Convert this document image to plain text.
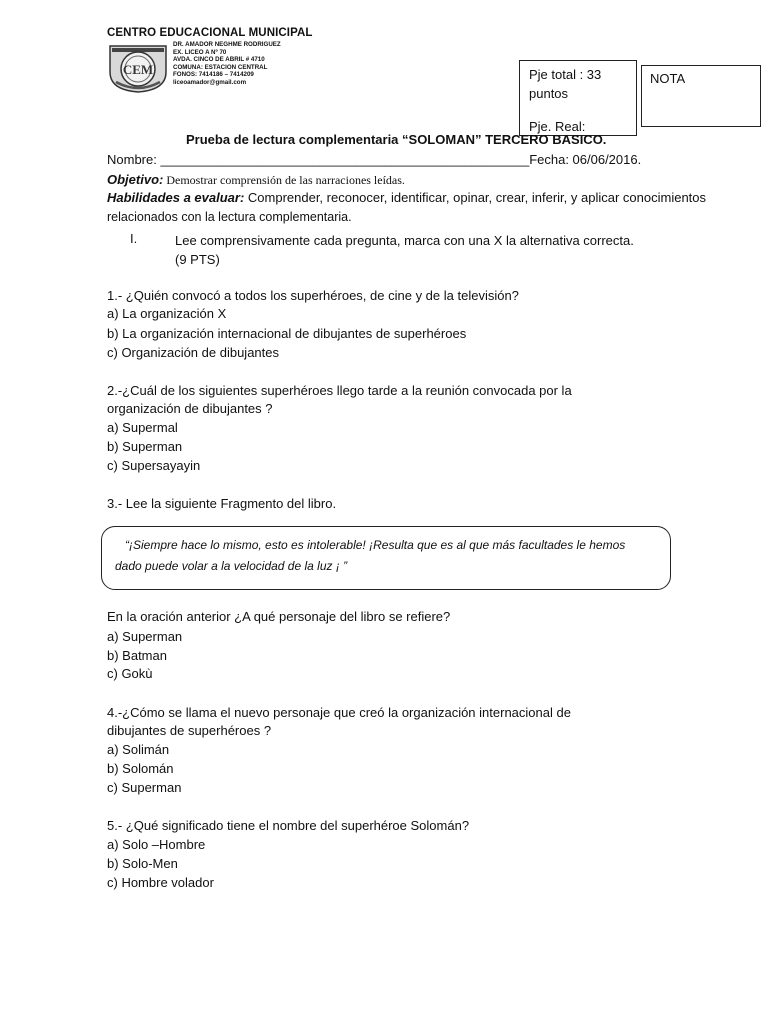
CENTRO EDUCACIONAL MUNICIPAL
DR. AMADOR NEGHME RODRIGUEZ
EX. LICEO A Nº 70
AVDA. CINCO DE ABRIL # 4710
COMUNA: ESTACION CENTRAL
FONOS: 7414186 – 7414209
liceoamador@gmail.com
CEM	Pje total : 33
puntos
Pje. Real:
NOTA
Prueba de lectura complementaria “SOLOMAN” TERCERO BASICO.
Nombre: ___________________________________________________Fecha: 06/06/2016.
Objetivo: Demostrar comprensión de las narraciones leídas.
Habilidades a evaluar: Comprender, reconocer, identificar, opinar, crear, inferir, y aplicar conocimientos
relacionados con la lectura complementaria.
I.	Lee comprensivamente cada pregunta, marca con una X la alternativa correcta.
(9 PTS)
1.- ¿Quién convocó a todos los superhéroes, de cine y de la televisión?
a) La organización X
b) La organización internacional de dibujantes de superhéroes
c) Organización de dibujantes
2.-¿Cuál de los siguientes superhéroes llego tarde a la reunión convocada por la
organización de dibujantes ?
a) Supermal
b) Superman
c) Supersayayin
3.- Lee la siguiente Fragmento del libro.
“¡Siempre hace lo mismo, esto es intolerable! ¡Resulta que es al que más facultades le hemos
dado puede volar a la velocidad de la luz ¡ ”
En la oración anterior ¿A qué personaje del libro se refiere?
a) Superman
b) Batman
c) Gokù
4.-¿Cómo se llama el nuevo personaje que creó la organización internacional de
dibujantes de superhéroes ?
a) Solimán
b) Solomán
c) Superman
5.- ¿Qué significado tiene el nombre del superhéroe Solomán?
a) Solo –Hombre
b) Solo-Men
c) Hombre volador
